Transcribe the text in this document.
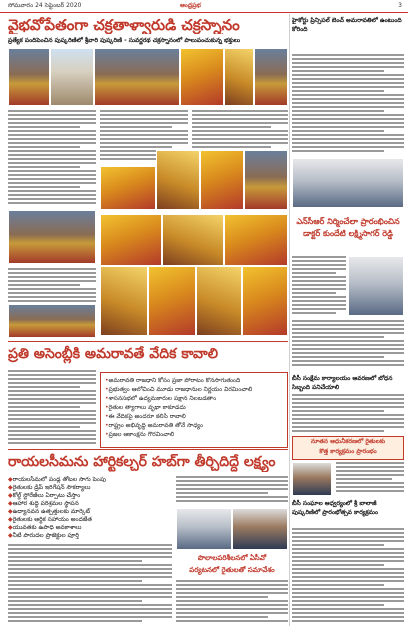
సోమవారం 24 సెప్టెంబర్ 2020	ఆంధ్రప్రభ	3
వైభవోపేతంగా చక్రతాళ్వారుడి చక్రస్నానం
ప్రత్యేక పందిపెంచిన పుష్కరిణిలో శ్రీవారి పుష్కరిణి - సువర్ణరథ చక్రస్నానంలో పాలుపంచుకున్న భక్తులు
హైకోర్టు ప్రిన్సిపల్ బెంచ్ అమరావతిలో ఉంటుంది కోరింది
ఎన్‌సీఆర్ నిర్మించేలా ప్రారంభించిన డాక్టర్ కుందేటి లక్ష్మిసాగర్ రెడ్డి
బీసీ సంక్షేమ కార్యాలయం ఆవరణలో బోధన సిబ్బంది పనిచేయాలి
నూతన ఆధునీకరణలో రైతులకు
కొత్త కార్యక్రమం ప్రారంభం
బీసీ సంఘాల ఆధ్వర్యంలో శ్రీ బాలాజీ పుష్కరిణిలో ప్రారంభోత్సవ కార్యక్రమం
ప్రతి అసెంబ్లీకి అమరావతే వేదిక కావాలి
• అమరావతి రాజధాని కోసం ప్రజా పోరాటం కొనసాగుతుంది
• ప్రభుత్వం ఆలోచించి మూడు రాజధానుల నిర్ణయం విరమించాలి
• శాసనసభలో ఉద్యమకారుల పక్షాన నిలబడతాం
• రైతుల త్యాగాలు వృథా కాకూడదు
• ఈ వేదికపై అందరూ కలిసి రావాలి
• రాష్ట్రం అభివృద్ధి అమరావతి తోనే సాధ్యం
• ప్రజల ఆకాంక్షను గౌరవించాలి
రాయలసీమను హార్టికల్చర్ హబ్‌గా తీర్చిదిద్దే లక్ష్యం
◆ రాయలసీమలో పండ్ల తోటల సాగు పెంపు
◆ రైతులకు డ్రిప్ ఇరిగేషన్ సౌకర్యాలు
◆ కోల్డ్ స్టోరేజీలు ఏర్పాటు చేస్తాం
◆ ఆహార శుద్ధి పరిశ్రమల స్థాపన
◆ ఉద్యానవన ఉత్పత్తులకు మార్కెట్
◆ రైతులకు ఆర్థిక సహాయం అందజేత
◆ యువతకు ఉపాధి అవకాశాలు
◆ నీటి పారుదల ప్రాజెక్టుల పూర్తి
పొలాలపరిశీలనలో ఏసీవో
పర్యటనలో రైతులతో సమావేశం
